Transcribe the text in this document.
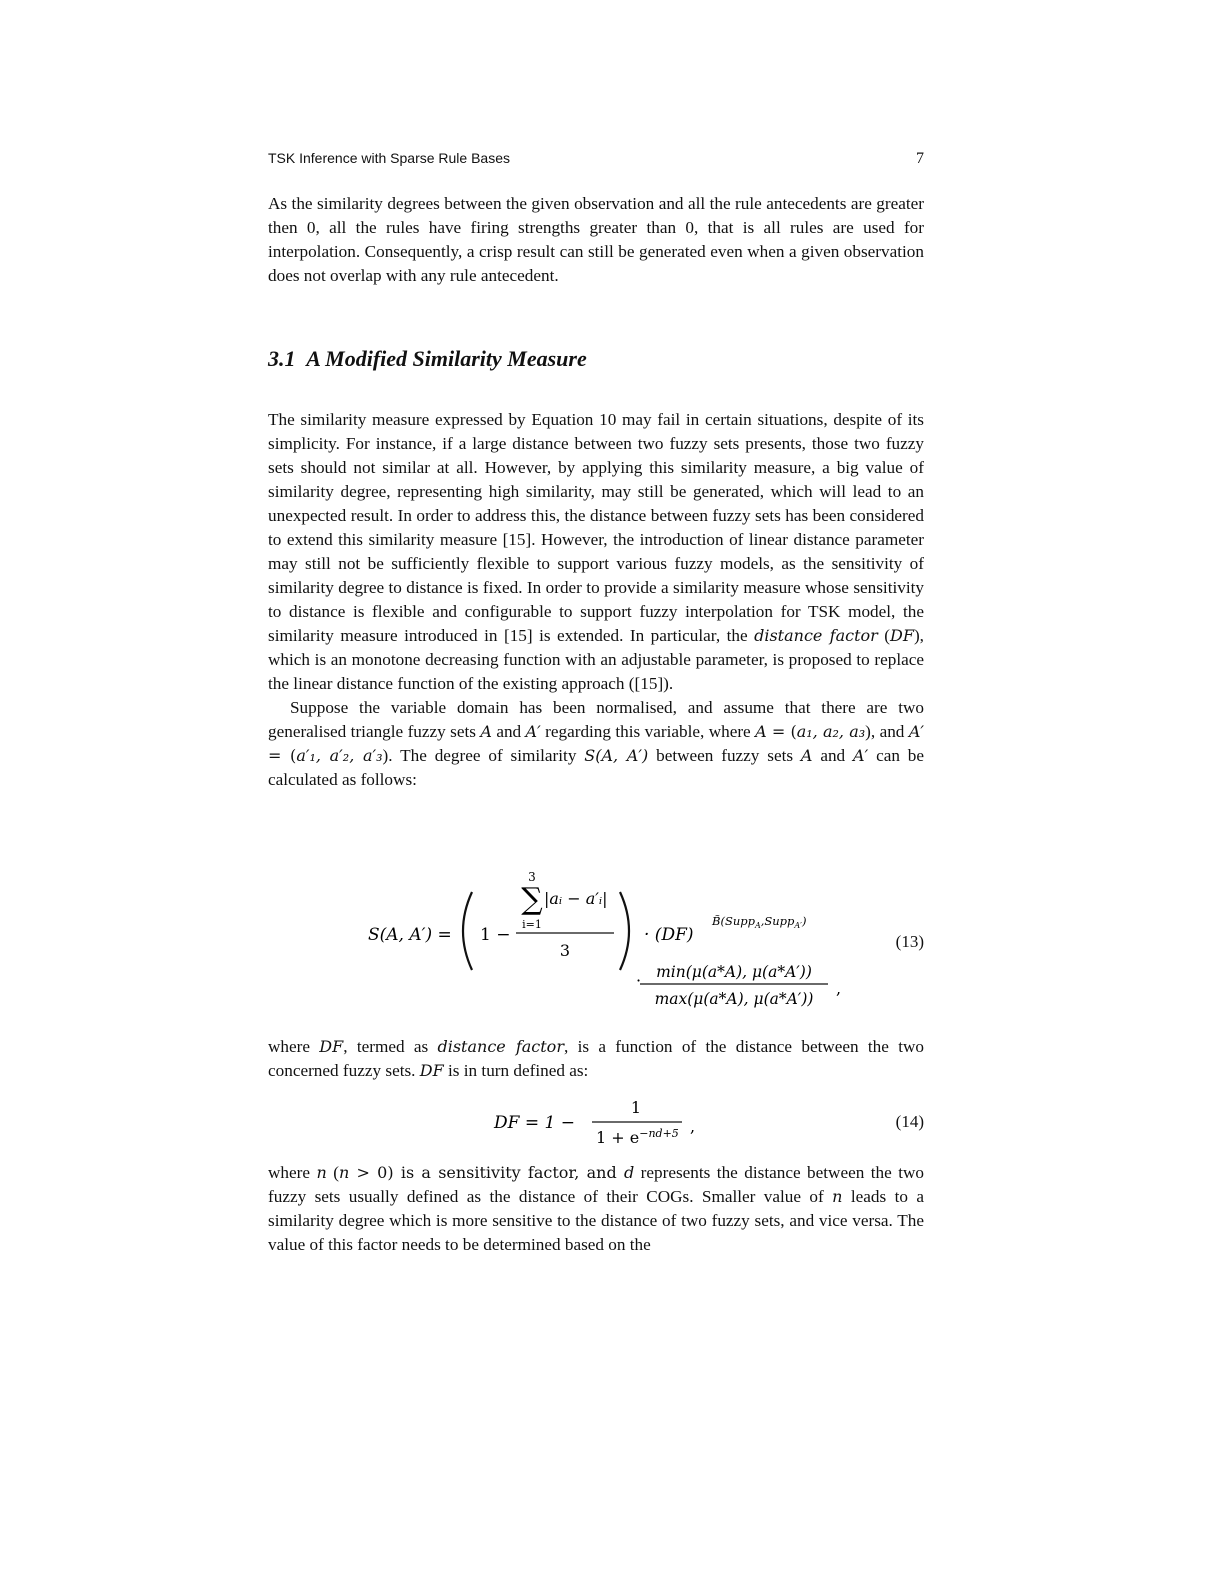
TSK Inference with Sparse Rule Bases	7

As the similarity degrees between the given observation and all the rule antecedents are greater then 0, all the rules have firing strengths greater than 0, that is all rules are used for interpolation. Consequently, a crisp result can still be generated even when a given observation does not overlap with any rule antecedent.

3.1 A Modified Similarity Measure

The similarity measure expressed by Equation 10 may fail in certain situations, despite of its simplicity. For instance, if a large distance between two fuzzy sets presents, those two fuzzy sets should not similar at all. However, by applying this similarity measure, a big value of similarity degree, representing high similarity, may still be generated, which will lead to an unexpected result. In order to address this, the distance between fuzzy sets has been considered to extend this similarity measure [15]. However, the introduction of linear distance parameter may still not be sufficiently flexible to support various fuzzy models, as the sensitivity of similarity degree to distance is fixed. In order to provide a similarity measure whose sensitivity to distance is flexible and configurable to support fuzzy interpolation for TSK model, the similarity measure introduced in [15] is extended. In particular, the distance factor (DF), which is an monotone decreasing function with an adjustable parameter, is proposed to replace the linear distance function of the existing approach ([15]).

Suppose the variable domain has been normalised, and assume that there are two generalised triangle fuzzy sets A and A′ regarding this variable, where A = (a₁, a₂, a₃), and A′ = (a′₁, a′₂, a′₃). The degree of similarity S(A, A′) between fuzzy sets A and A′ can be calculated as follows:

S(A, A′) = 1 −
3
∑
i=1
|aᵢ − a′ᵢ|
3
· (DF)
B̃(Supp$_A$,Supp$_{A'}$)
· min(μ(a*A), μ(a*A′))
max(μ(a*A), μ(a*A′))
,
(13)

where DF, termed as distance factor, is a function of the distance between the two concerned fuzzy sets. DF is in turn defined as:

DF = 1 −
1
$1 + e^{-nd+5}$ ,	(14)

where n (n > 0) is a sensitivity factor, and d represents the distance between the two fuzzy sets usually defined as the distance of their COGs. Smaller value of n leads to a similarity degree which is more sensitive to the distance of two fuzzy sets, and vice versa. The value of this factor needs to be determined based on the
